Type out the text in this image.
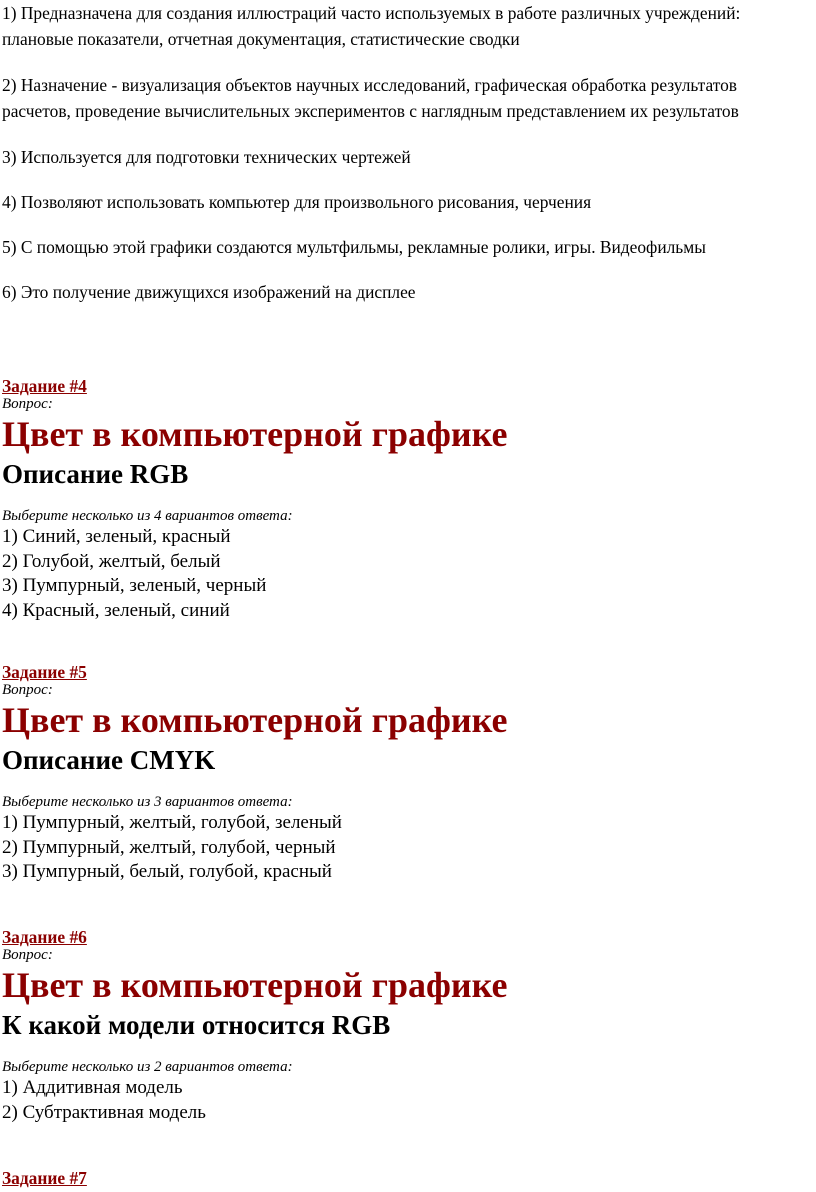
1) Предназначена для создания иллюстраций часто используемых в работе различных учреждений: плановые показатели, отчетная документация, статистические сводки

2) Назначение - визуализация объектов научных исследований, графическая обработка результатов расчетов, проведение вычислительных экспериментов с наглядным представлением их результатов

3) Используется для подготовки технических чертежей

4) Позволяют использовать компьютер для произвольного рисования, черчения

5) С помощью этой графики создаются мультфильмы, рекламные ролики, игры. Видеофильмы

6) Это получение движущихся изображений на дисплее

Задание #4
Вопрос:
Цвет в компьютерной графике
Описание RGB
Выберите несколько из 4 вариантов ответа:
1) Синий, зеленый, красный
2) Голубой, желтый, белый
3) Пумпурный, зеленый, черный
4) Красный, зеленый, синий
Задание #5
Вопрос:
Цвет в компьютерной графике
Описание CMYK
Выберите несколько из 3 вариантов ответа:
1) Пумпурный, желтый, голубой, зеленый
2) Пумпурный, желтый, голубой, черный
3) Пумпурный, белый, голубой, красный
Задание #6
Вопрос:
Цвет в компьютерной графике
К какой модели относится RGB
Выберите несколько из 2 вариантов ответа:
1) Аддитивная модель
2) Субтрактивная модель
Задание #7
